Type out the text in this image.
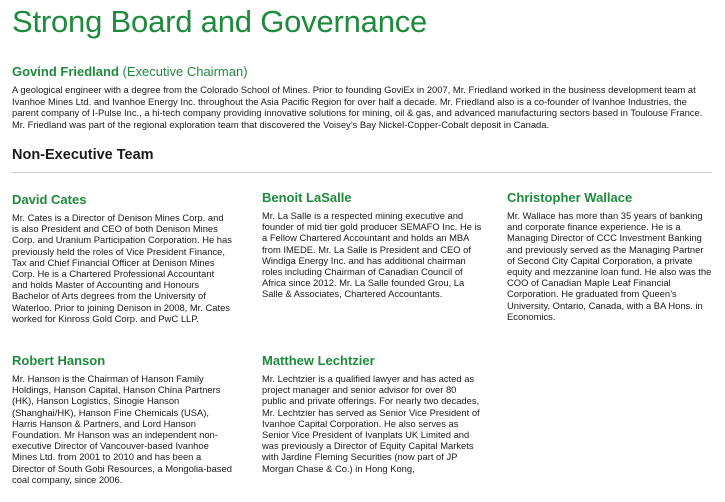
Strong Board and Governance
Govind Friedland (Executive Chairman)

A geological engineer with a degree from the Colorado School of Mines. Prior to founding GoviEx in 2007, Mr. Friedland worked in the business development team at Ivanhoe Mines Ltd. and Ivanhoe Energy Inc. throughout the Asia Pacific Region for over half a decade. Mr. Friedland also is a co-founder of Ivanhoe Industries, the parent company of I-Pulse Inc., a hi-tech company providing innovative solutions for mining, oil & gas, and advanced manufacturing sectors based in Toulouse France. Mr. Friedland was part of the regional exploration team that discovered the Voisey’s Bay Nickel-Copper-Cobalt deposit in Canada.

Non-Executive Team
David Cates

Mr. Cates is a Director of Denison Mines Corp. and is also President and CEO of both Denison Mines Corp. and Uranium Participation Corporation. He has previously held the roles of Vice President Finance, Tax and Chief Financial Officer at Denison Mines Corp. He is a Chartered Professional Accountant and holds Master of Accounting and Honours Bachelor of Arts degrees from the University of Waterloo. Prior to joining Denison in 2008, Mr. Cates worked for Kinross Gold Corp. and PwC LLP.

Benoit LaSalle

Mr. La Salle is a respected mining executive and founder of mid tier gold producer SEMAFO Inc. He is a Fellow Chartered Accountant and holds an MBA from IMEDE. Mr. La Salle is President and CEO of Windiga Energy Inc. and has additional chairman roles including Chairman of Canadian Council of Africa since 2012. Mr. La Salle founded Grou, La Salle & Associates, Chartered Accountants.

Christopher Wallace

Mr. Wallace has more than 35 years of banking and corporate finance experience. He is a Managing Director of CCC Investment Banking and previously served as the Managing Partner of Second City Capital Corporation, a private equity and mezzanine loan fund. He also was the COO of Canadian Maple Leaf Financial Corporation. He graduated from Queen’s University, Ontario, Canada, with a BA Hons. in Economics.

Robert Hanson

Mr. Hanson is the Chairman of Hanson Family Holdings, Hanson Capital, Hanson China Partners (HK), Hanson Logistics, Sinogie Hanson (Shanghai/HK), Hanson Fine Chemicals (USA), Harris Hanson & Partners, and Lord Hanson Foundation. Mr Hanson was an independent non-executive Director of Vancouver-based Ivanhoe Mines Ltd. from 2001 to 2010 and has been a Director of South Gobi Resources, a Mongolia-based coal company, since 2006.

Matthew Lechtzier

Mr. Lechtzier is a qualified lawyer and has acted as project manager and senior advisor for over 80 public and private offerings. For nearly two decades, Mr. Lechtzier has served as Senior Vice President of Ivanhoe Capital Corporation. He also serves as Senior Vice President of Ivanplats UK Limited and was previously a Director of Equity Capital Markets with Jardine Fleming Securities (now part of JP Morgan Chase & Co.) in Hong Kong,
